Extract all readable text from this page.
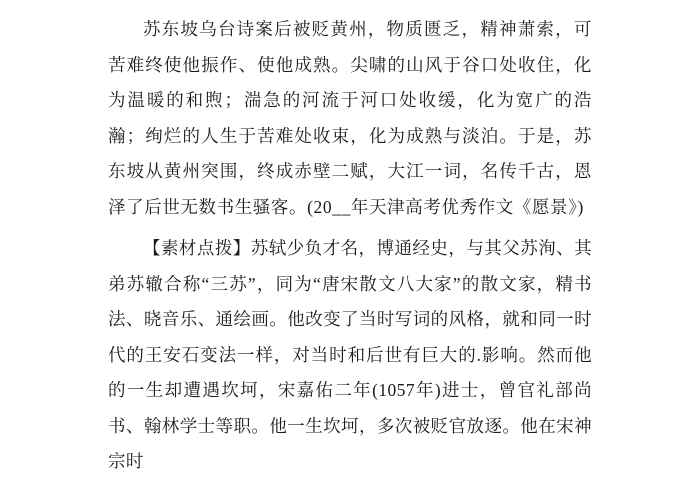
苏东坡乌台诗案后被贬黄州，物质匮乏，精神萧索，可苦难终使他振作、使他成熟。尖啸的山风于谷口处收住，化为温暖的和煦；湍急的河流于河口处收缓，化为宽广的浩瀚；绚烂的人生于苦难处收束，化为成熟与淡泊。于是，苏东坡从黄州突围，终成赤壁二赋，大江一词，名传千古，恩泽了后世无数书生骚客。(20__年天津高考优秀作文《愿景》)

【素材点拨】苏轼少负才名，博通经史，与其父苏洵、其弟苏辙合称“三苏”，同为“唐宋散文八大家”的散文家，精书法、晓音乐、通绘画。他改变了当时写词的风格，就和同一时代的王安石变法一样，对当时和后世有巨大的.影响。然而他的一生却遭遇坎坷，宋嘉佑二年(1057年)进士，曾官礼部尚书、翰林学士等职。他一生坎坷，多次被贬官放逐。他在宋神宗时
